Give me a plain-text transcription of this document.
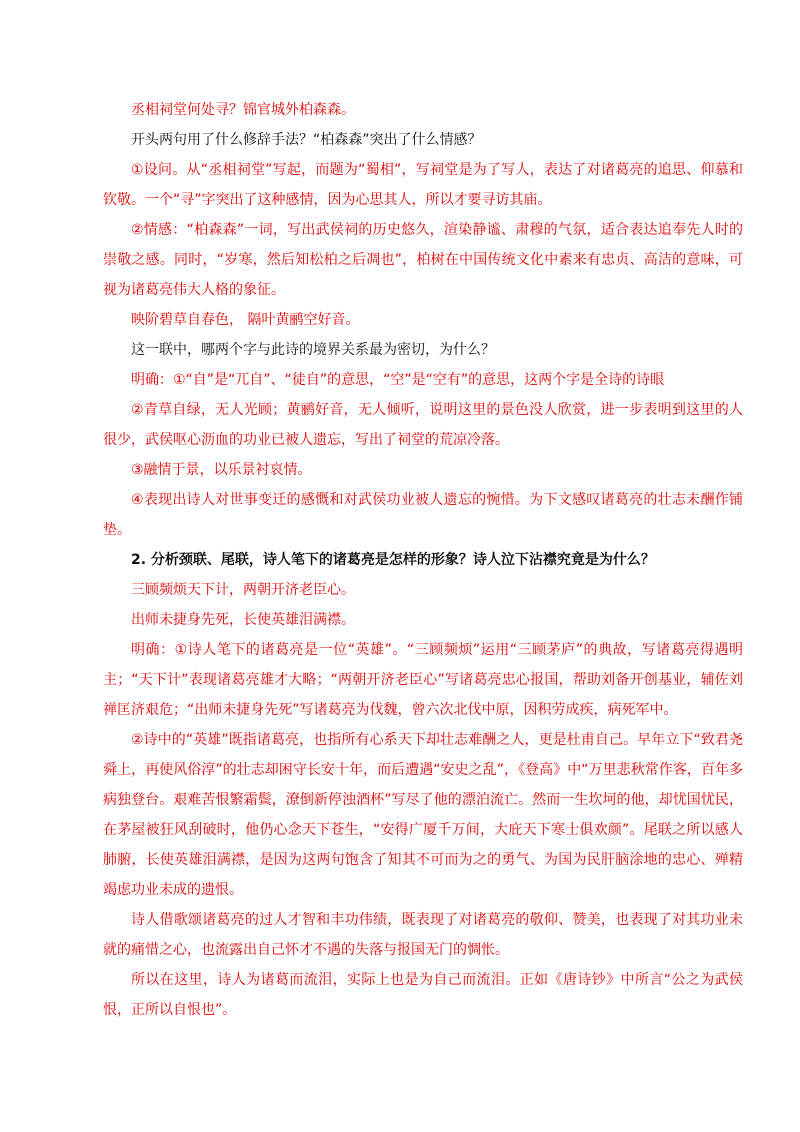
丞相祠堂何处寻？锦官城外柏森森。

开头两句用了什么修辞手法？“柏森森”突出了什么情感？

①设问。从“丞相祠堂”写起，而题为“蜀相”，写祠堂是为了写人，表达了对诸葛亮的追思、仰慕和钦敬。一个“寻”字突出了这种感情，因为心思其人，所以才要寻访其庙。

②情感：“柏森森”一词，写出武侯祠的历史悠久，渲染静谧、肃穆的气氛，适合表达追奉先人时的崇敬之感。同时，“岁寒，然后知松柏之后凋也”，柏树在中国传统文化中素来有忠贞、高洁的意味，可视为诸葛亮伟大人格的象征。

映阶碧草自春色， 隔叶黄鹂空好音。

这一联中，哪两个字与此诗的境界关系最为密切，为什么？

明确：①“自”是“兀自”、“徒自”的意思，“空”是“空有”的意思，这两个字是全诗的诗眼

②青草自绿，无人光顾；黄鹂好音，无人倾听，说明这里的景色没人欣赏，进一步表明到这里的人很少，武侯呕心沥血的功业已被人遗忘，写出了祠堂的荒凉冷落。

③融情于景，以乐景衬哀情。

④表现出诗人对世事变迁的感慨和对武侯功业被人遗忘的惋惜。为下文感叹诸葛亮的壮志未酬作铺垫。

2. 分析颈联、尾联，诗人笔下的诸葛亮是怎样的形象？诗人泣下沾襟究竟是为什么？

三顾频烦天下计，两朝开济老臣心。

出师未捷身先死，长使英雄泪满襟。

明确：①诗人笔下的诸葛亮是一位“英雄”。“三顾频烦”运用“三顾茅庐”的典故，写诸葛亮得遇明主；“天下计”表现诸葛亮雄才大略；“两朝开济老臣心”写诸葛亮忠心报国，帮助刘备开创基业，辅佐刘禅匡济艰危；“出师未捷身先死”写诸葛亮为伐魏，曾六次北伐中原，因积劳成疾，病死军中。

②诗中的“英雄”既指诸葛亮，也指所有心系天下却壮志难酬之人，更是杜甫自己。早年立下“致君尧舜上，再使风俗淳”的壮志却困守长安十年，而后遭遇“安史之乱”，《登高》中“万里悲秋常作客，百年多病独登台。艰难苦恨繁霜鬓，潦倒新停浊酒杯”写尽了他的漂泊流亡。然而一生坎坷的他，却忧国忧民，在茅屋被狂风刮破时，他仍心念天下苍生，“安得广厦千万间，大庇天下寒士俱欢颜”。尾联之所以感人肺腑，长使英雄泪满襟，是因为这两句饱含了知其不可而为之的勇气、为国为民肝脑涂地的忠心、殚精竭虑功业未成的遗恨。

诗人借歌颂诸葛亮的过人才智和丰功伟绩，既表现了对诸葛亮的敬仰、赞美，也表现了对其功业未就的痛惜之心，也流露出自己怀才不遇的失落与报国无门的惆怅。

所以在这里，诗人为诸葛而流泪，实际上也是为自己而流泪。正如《唐诗钞》中所言“公之为武侯恨，正所以自恨也”。
